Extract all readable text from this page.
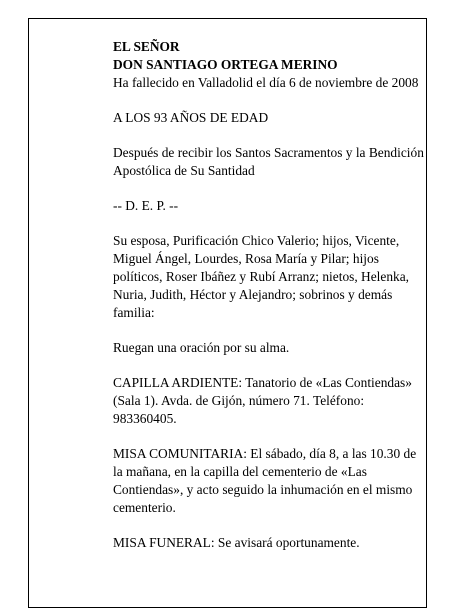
EL SEÑOR
DON SANTIAGO ORTEGA MERINO
Ha fallecido en Valladolid el día 6 de noviembre de 2008

A LOS 93 AÑOS DE EDAD

Después de recibir los Santos Sacramentos y la Bendición Apostólica de Su Santidad

-- D. E. P. --

Su esposa, Purificación Chico Valerio; hijos, Vicente, Miguel Ángel, Lourdes, Rosa María y Pilar; hijos políticos, Roser Ibáñez y Rubí Arranz; nietos, Helenka, Nuria, Judith, Héctor y Alejandro; sobrinos y demás familia:

Ruegan una oración por su alma.

CAPILLA ARDIENTE: Tanatorio de «Las Contiendas» (Sala 1). Avda. de Gijón, número 71. Teléfono: 983360405.

MISA COMUNITARIA: El sábado, día 8, a las 10.30 de la mañana, en la capilla del cementerio de «Las Contiendas», y acto seguido la inhumación en el mismo cementerio.

MISA FUNERAL: Se avisará oportunamente.
